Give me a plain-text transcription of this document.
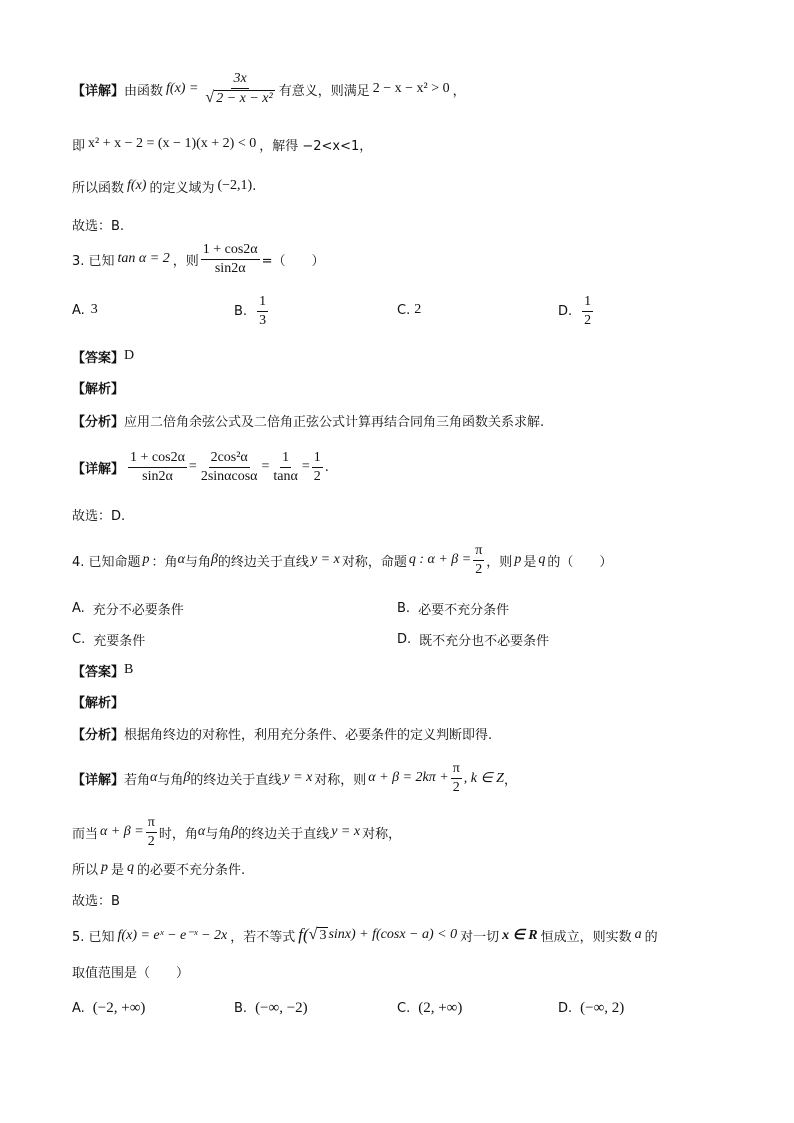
【详解】 由函数 $f(x) = \frac{3x}{\text{√ 2 − x − x²}}$ 有意义，则满足 2 − x − x² > 0 ，
即 x² + x − 2 = (x − 1)(x + 2) < 0 ，解得 −2<x<1，
所以函数 f(x) 的定义域为 (−2,1) .
故选：B.
3. 已知 tan α = 2 ，则 $\frac{1 + \cos 2\alpha}{\sin 2\alpha}$ =（　　）
A. 3	B. $\frac{1}{3}$	C. 2	D. $\frac{1}{2}$
【答案】 D
【解析】
【分析】 应用二倍角余弦公式及二倍角正弦公式计算再结合同角三角函数关系求解.
【详解】 $\frac{1 + \cos 2\alpha}{\sin 2\alpha} = \frac{\text{2cos²α}}{2\sin\alpha\cos\alpha} = \frac{1}{\tan\alpha} = \frac{1}{2}$ .
故选：D.
4. 已知命题 p ：角 α 与角 β 的终边关于直线 y = x 对称，命题 q : $\alpha + \beta = \frac{\pi}{2}$ ，则 p 是 q 的（　　）
A. 充分不必要条件	B. 必要不充分条件
C. 充要条件	D. 既不充分也不必要条件
【答案】 B
【解析】
【分析】 根据角终边的对称性，利用充分条件、必要条件的定义判断即得.
【详解】 若角 α 与角 β 的终边关于直线 y = x 对称，则 $\alpha + \beta = 2k\pi + \frac{\pi}{2}$ , k ∈ Z ，
而当 $\alpha + \beta = \frac{\pi}{2}$ 时，角 α 与角 β 的终边关于直线 y = x 对称，
所以 p 是 q 的必要不充分条件.
故选：B
5. 已知 f(x) = eˣ − e⁻ˣ − 2x ，若不等式 f( √ 3 sinx) + f(cosx − a) < 0 对一切 x ∈ R 恒成立，则实数 a 的
取值范围是（　　）
A. (−2, +∞)	B. (−∞, −2)	C. (2, +∞)	D. (−∞, 2)
